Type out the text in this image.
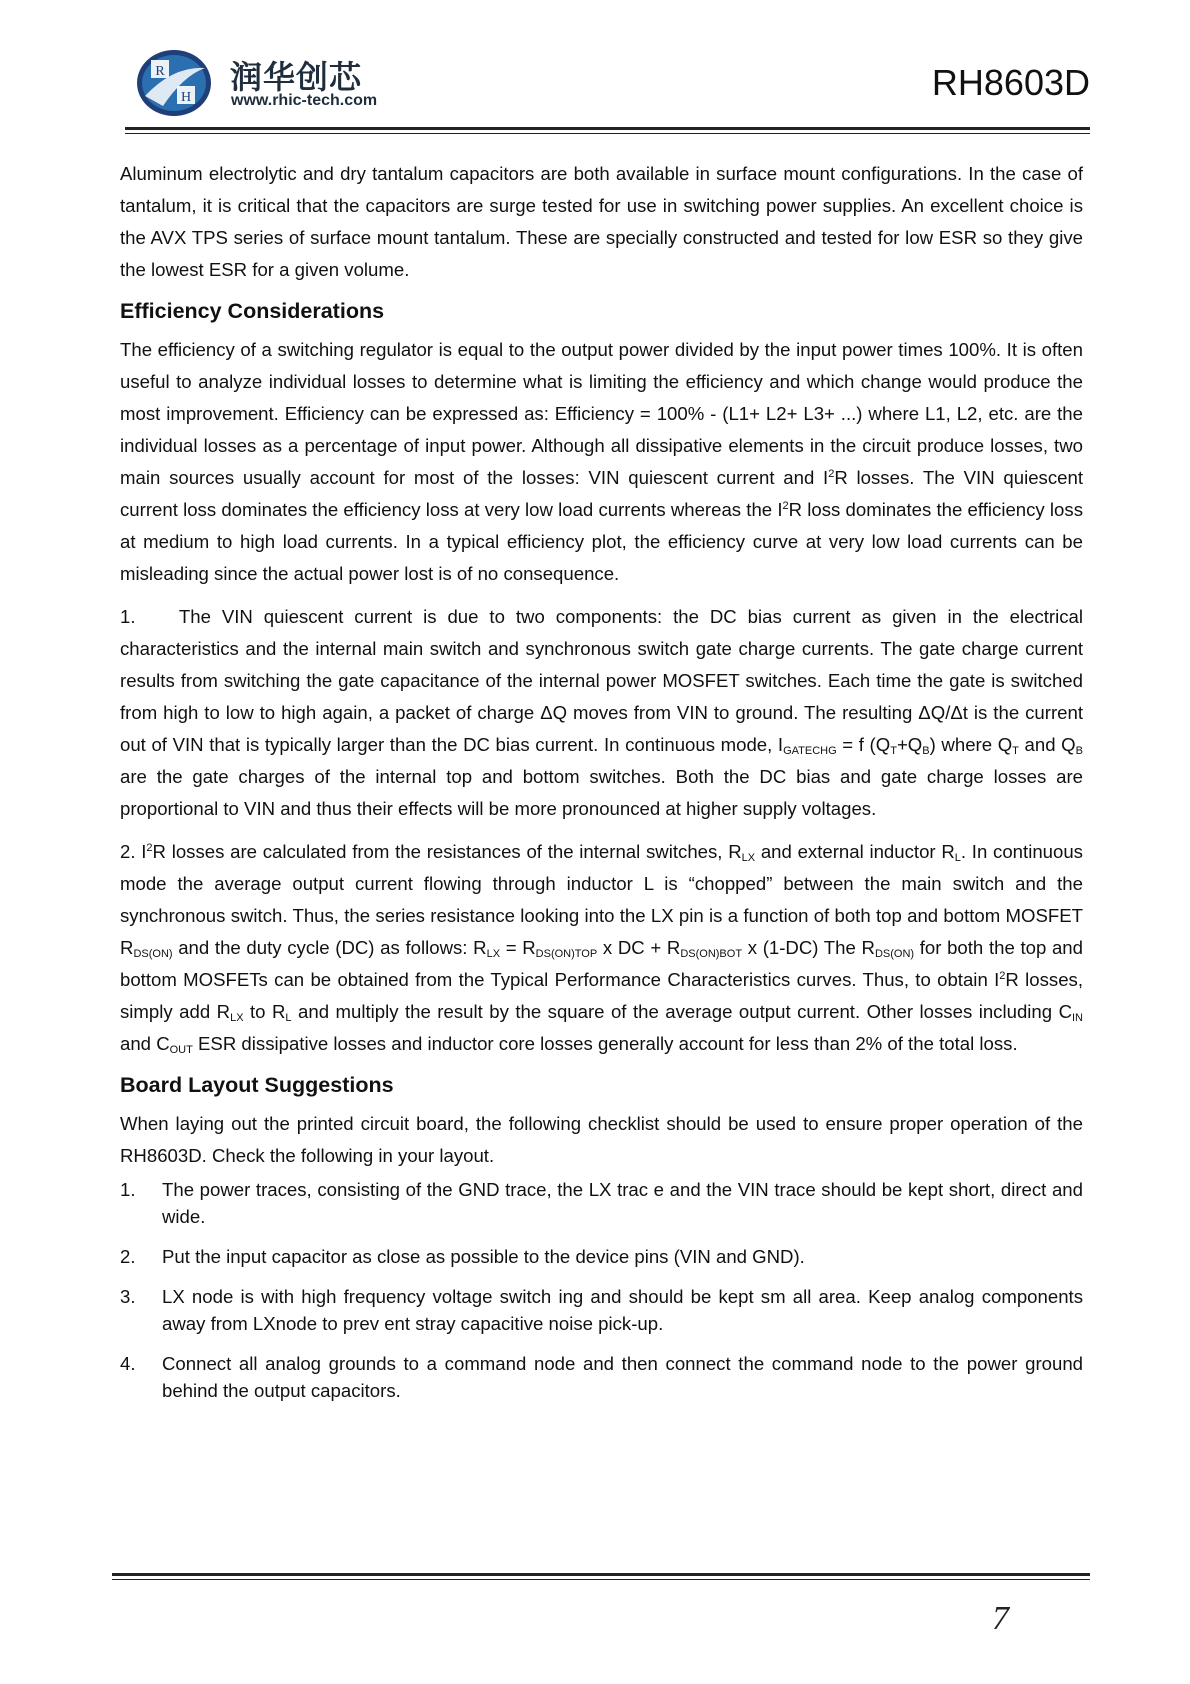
R
H
润华创芯
www.rhic-tech.com	RH8603D

Aluminum electrolytic and dry tantalum capacitors are both available in surface mount configurations. In the case of tantalum, it is critical that the capacitors are surge tested for use in switching power supplies. An excellent choice is the AVX TPS series of surface mount tantalum. These are specially constructed and tested for low ESR so they give the lowest ESR for a given volume.

Efficiency Considerations

The efficiency of a switching regulator is equal to the output power divided by the input power times 100%. It is often useful to analyze individual losses to determine what is limiting the efficiency and which change would produce the most improvement. Efficiency can be expressed as: Efficiency = 100% - (L1+ L2+ L3+ ...) where L1, L2, etc. are the individual losses as a percentage of input power. Although all dissipative elements in the circuit produce losses, two main sources usually account for most of the losses: VIN quiescent current and $I^2R$ losses. The VIN quiescent current loss dominates the efficiency loss at very low load currents whereas the $I^2R$ loss dominates the efficiency loss at medium to high load currents. In a typical efficiency plot, the efficiency curve at very low load currents can be misleading since the actual power lost is of no consequence.

1.    The VIN quiescent current is due to two components: the DC bias current as given in the electrical characteristics and the internal main switch and synchronous switch gate charge currents. The gate charge current results from switching the gate capacitance of the internal power MOSFET switches. Each time the gate is switched from high to low to high again, a packet of charge ΔQ moves from VIN to ground. The resulting ΔQ/Δt is the current out of VIN that is typically larger than the DC bias current. In continuous mode, $I_{GATECHG} = f$ $(Q_T+Q_B)$ where $Q_T$ and $Q_B$ are the gate charges of the internal top and bottom switches. Both the DC bias and gate charge losses are proportional to VIN and thus their effects will be more pronounced at higher supply voltages.

2. $I^2R$ losses are calculated from the resistances of the internal switches, $R_{LX}$ and external inductor $R_L$. In continuous mode the average output current flowing through inductor L is “chopped” between the main switch and the synchronous switch. Thus, the series resistance looking into the LX pin is a function of both top and bottom MOSFET $R_{DS(ON)}$ and the duty cycle (DC) as follows: $R_{LX} = R_{DS(ON)TOP}$ x DC + $R_{DS(ON)BOT}$ x (1-DC) The $R_{DS(ON)}$ for both the top and bottom MOSFETs can be obtained from the Typical Performance Characteristics curves. Thus, to obtain $I^2R$ losses, simply add $R_{LX}$ to $R_L$ and multiply the result by the square of the average output current. Other losses including $C_{IN}$ and $C_{OUT}$ ESR dissipative losses and inductor core losses generally account for less than 2% of the total loss.

Board Layout Suggestions

When laying out the printed circuit board, the following checklist should be used to ensure proper operation of the RH8603D. Check the following in your layout.

1. The power traces, consisting of the GND trace, the LX trac e and the VIN trace should be kept short, direct and wide.
2. Put the input capacitor as close as possible to the device pins (VIN and GND).
3. LX node is with high frequency voltage switch ing and should be kept sm all area. Keep analog components away from LXnode to prev ent stray capacitive noise pick-up.
4. Connect all analog grounds to a command node and then connect the command node to the power ground behind the output capacitors.
7
